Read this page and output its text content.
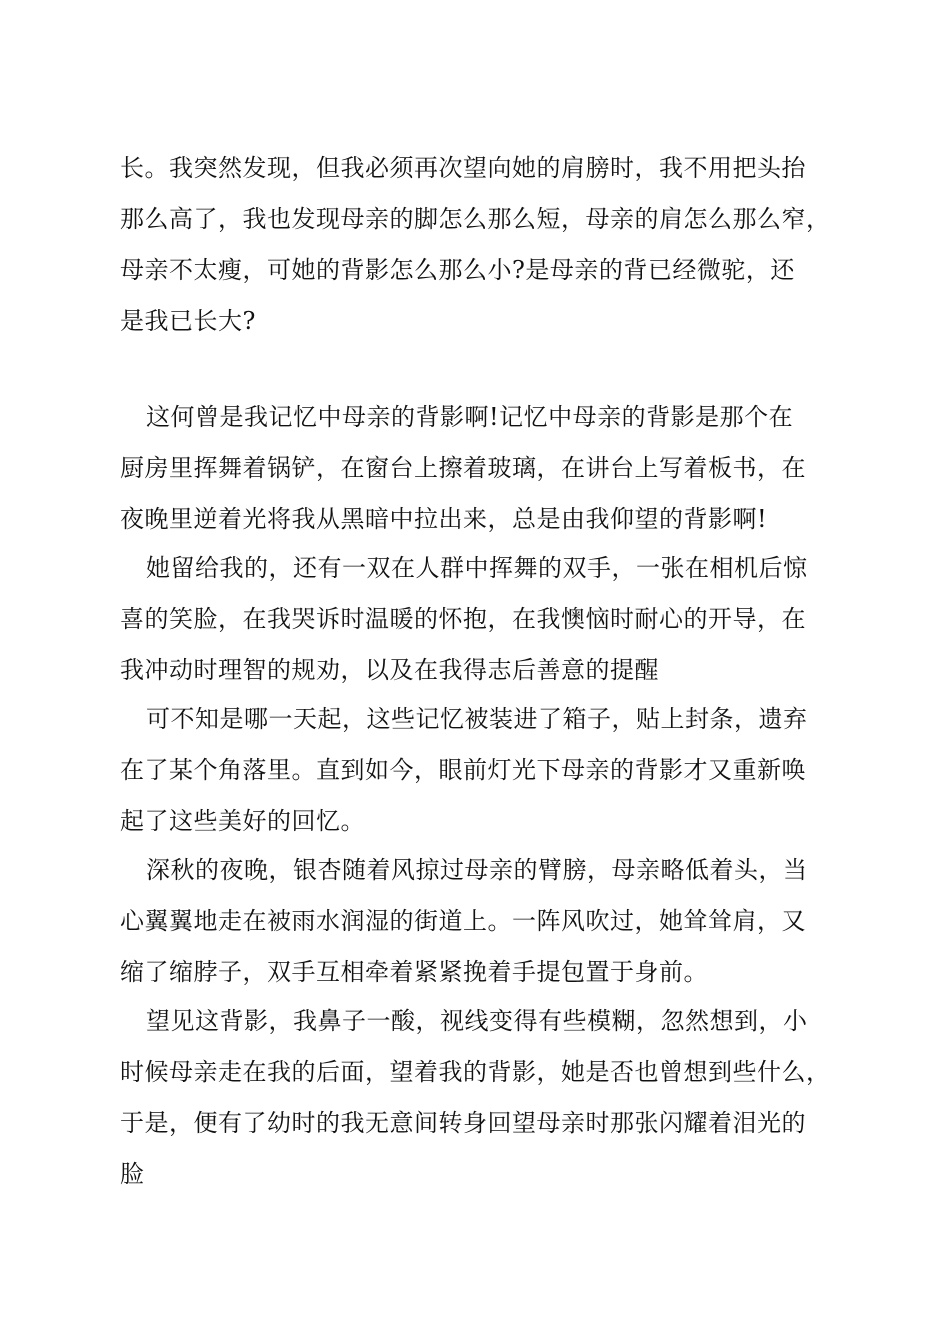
长。我突然发现，但我必须再次望向她的肩膀时，我不用把头抬
那么高了，我也发现母亲的脚怎么那么短，母亲的肩怎么那么窄，
母亲不太瘦，可她的背影怎么那么小?是母亲的背已经微驼，还
是我已长大?
这何曾是我记忆中母亲的背影啊!记忆中母亲的背影是那个在
厨房里挥舞着锅铲，在窗台上擦着玻璃，在讲台上写着板书，在
夜晚里逆着光将我从黑暗中拉出来，总是由我仰望的背影啊!
她留给我的，还有一双在人群中挥舞的双手，一张在相机后惊
喜的笑脸，在我哭诉时温暖的怀抱，在我懊恼时耐心的开导，在
我冲动时理智的规劝，以及在我得志后善意的提醒
可不知是哪一天起，这些记忆被装进了箱子，贴上封条，遗弃
在了某个角落里。直到如今，眼前灯光下母亲的背影才又重新唤
起了这些美好的回忆。
深秋的夜晚，银杏随着风掠过母亲的臂膀，母亲略低着头，当
心翼翼地走在被雨水润湿的街道上。一阵风吹过，她耸耸肩，又
缩了缩脖子，双手互相牵着紧紧挽着手提包置于身前。
望见这背影，我鼻子一酸，视线变得有些模糊，忽然想到，小
时候母亲走在我的后面，望着我的背影，她是否也曾想到些什么，
于是，便有了幼时的我无意间转身回望母亲时那张闪耀着泪光的
脸
